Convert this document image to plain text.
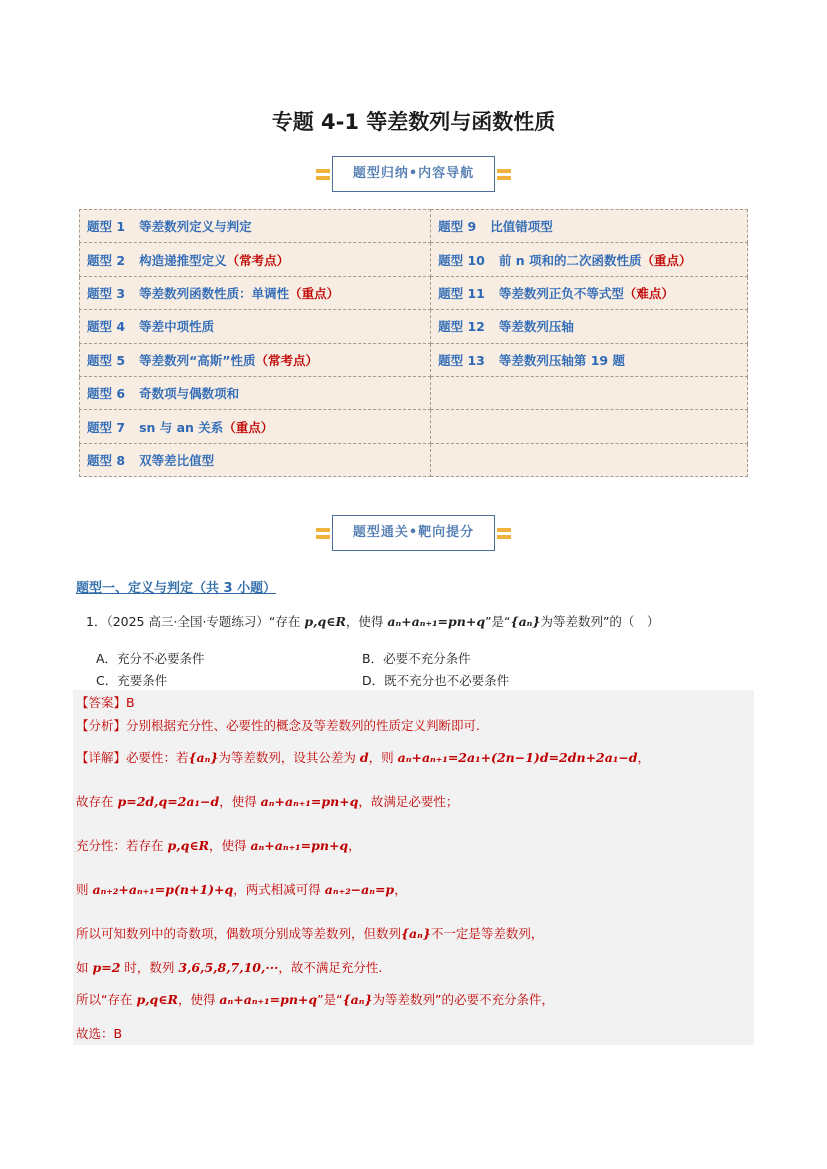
专题 4-1 等差数列与函数性质
题型归纳•内容导航
题型 1 等差数列定义与判定	题型 9 比值错项型
题型 2 构造递推型定义（常考点）	题型 10 前 n 项和的二次函数性质（重点）
题型 3 等差数列函数性质：单调性（重点）	题型 11 等差数列正负不等式型（难点）
题型 4 等差中项性质	题型 12 等差数列压轴
题型 5 等差数列“高斯”性质（常考点）	题型 13 等差数列压轴第 19 题
题型 6 奇数项与偶数项和	
题型 7 sn 与 an 关系（重点）	
题型 8 双等差比值型	
题型通关•靶向提分
题型一、定义与判定（共 3 小题）
1．（2025 高三·全国·专题练习）“存在 p,q∈R，使得 aₙ+aₙ₊₁=pn+q”是“{aₙ}为等差数列”的（　）
A．充分不必要条件	B．必要不充分条件
C．充要条件	D．既不充分也不必要条件
【答案】B
【分析】分别根据充分性、必要性的概念及等差数列的性质定义判断即可.
【详解】必要性：若{aₙ}为等差数列，设其公差为 d，则 aₙ+aₙ₊₁=2a₁+(2n−1)d=2dn+2a₁−d，
故存在 p=2d,q=2a₁−d，使得 aₙ+aₙ₊₁=pn+q，故满足必要性；
充分性：若存在 p,q∈R，使得 aₙ+aₙ₊₁=pn+q，
则 aₙ₊₂+aₙ₊₁=p(n+1)+q，两式相减可得 aₙ₊₂−aₙ=p，
所以可知数列中的奇数项，偶数项分别成等差数列，但数列{aₙ}不一定是等差数列，
如 p=2 时，数列 3,6,5,8,7,10,···，故不满足充分性.
所以“存在 p,q∈R，使得 aₙ+aₙ₊₁=pn+q”是“{aₙ}为等差数列”的必要不充分条件，
故选：B
